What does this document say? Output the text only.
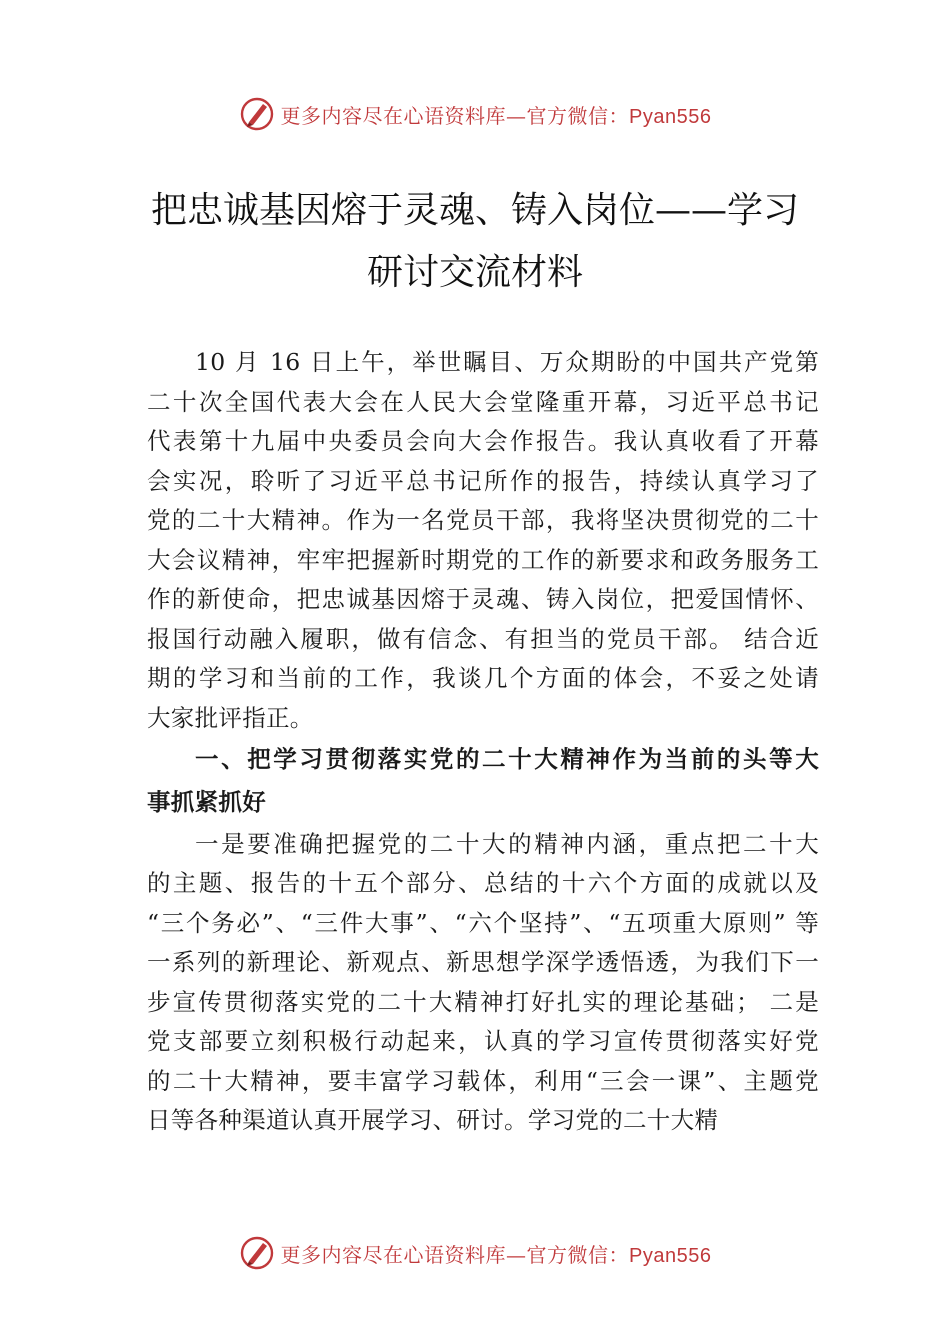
更多内容尽在心语资料库—官方微信：Pyan556
把忠诚基因熔于灵魂、铸入岗位——学习
研讨交流材料
10 月 16 日上午，举世瞩目、万众期盼的中国共产党第
二十次全国代表大会在人民大会堂隆重开幕，习近平总书记
代表第十九届中央委员会向大会作报告。我认真收看了开幕
会实况，聆听了习近平总书记所作的报告，持续认真学习了
党的二十大精神。作为一名党员干部，我将坚决贯彻党的二十
大会议精神，牢牢把握新时期党的工作的新要求和政务服务工
作的新使命，把忠诚基因熔于灵魂、铸入岗位，把爱国情怀、
报国行动融入履职，做有信念、有担当的党员干部。 结合近
期的学习和当前的工作，我谈几个方面的体会，不妥之处请
大家批评指正。
一、把学习贯彻落实党的二十大精神作为当前的头等大
事抓紧抓好
一是要准确把握党的二十大的精神内涵，重点把二十大
的主题、报告的十五个部分、总结的十六个方面的成就以及
“三个务必”、“三件大事”、“六个坚持”、“五项重大原则” 等
一系列的新理论、新观点、新思想学深学透悟透，为我们下一
步宣传贯彻落实党的二十大精神打好扎实的理论基础； 二是
党支部要立刻积极行动起来，认真的学习宣传贯彻落实好党
的二十大精神，要丰富学习载体，利用“三会一课”、主题党
日等各种渠道认真开展学习、研讨。学习党的二十大精
更多内容尽在心语资料库—官方微信：Pyan556
